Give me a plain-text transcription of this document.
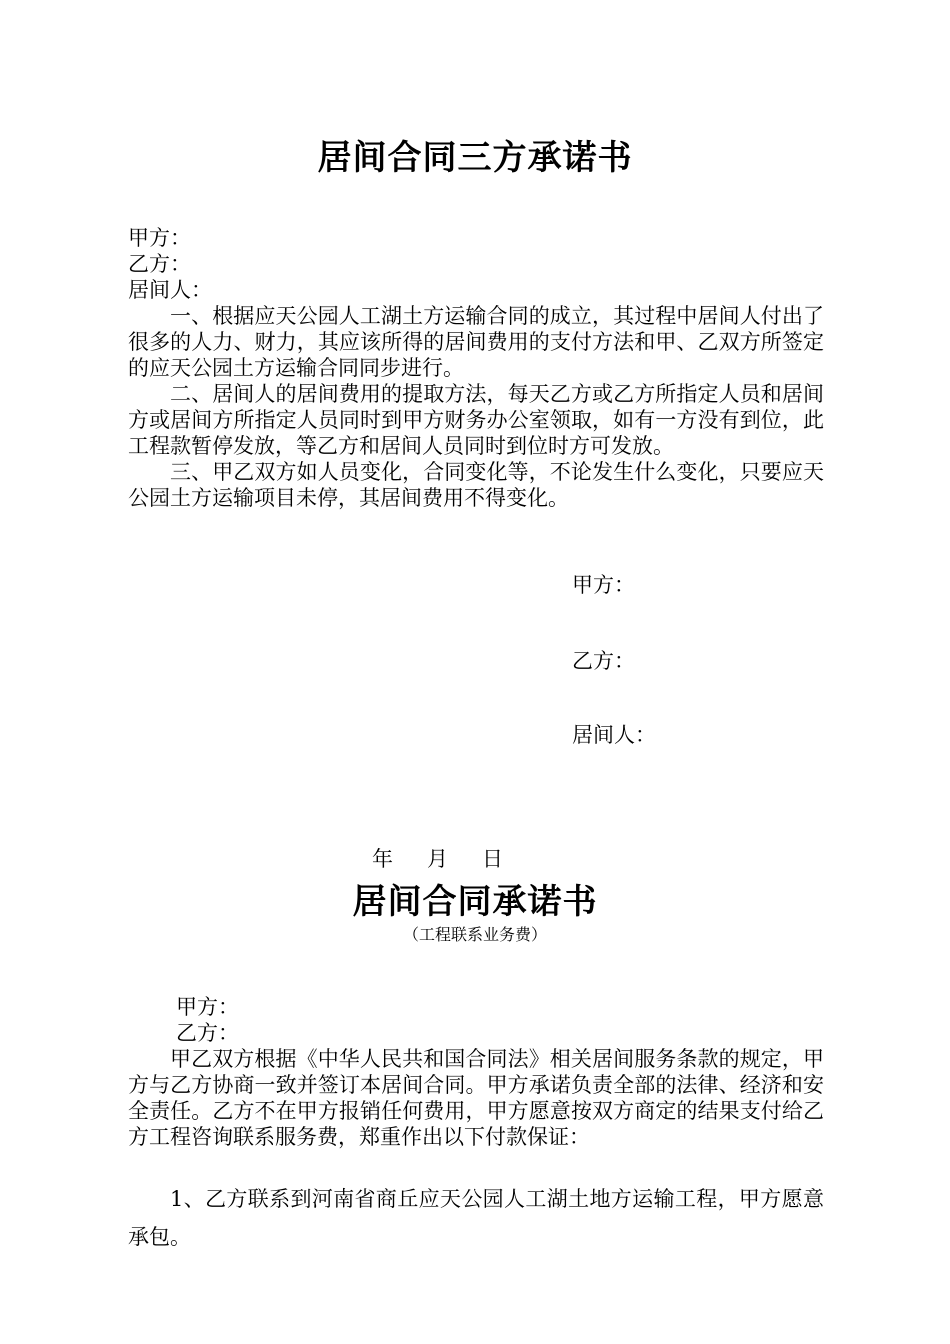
居间合同三方承诺书

甲方：

乙方：

居间人：

一、根据应天公园人工湖土方运输合同的成立，其过程中居间人付出了很多的人力、财力，其应该所得的居间费用的支付方法和甲、乙双方所签定的应天公园土方运输合同同步进行。

二、居间人的居间费用的提取方法，每天乙方或乙方所指定人员和居间方或居间方所指定人员同时到甲方财务办公室领取，如有一方没有到位，此工程款暂停发放，等乙方和居间人员同时到位时方可发放。

三、甲乙双方如人员变化，合同变化等，不论发生什么变化，只要应天公园土方运输项目未停，其居间费用不得变化。

甲方：
乙方：
居间人：
年 月 日
居间合同承诺书
（工程联系业务费）
甲方：
乙方：

甲乙双方根据《中华人民共和国合同法》相关居间服务条款的规定，甲方与乙方协商一致并签订本居间合同。甲方承诺负责全部的法律、经济和安全责任。乙方不在甲方报销任何费用，甲方愿意按双方商定的结果支付给乙方工程咨询联系服务费，郑重作出以下付款保证：

1、乙方联系到河南省商丘应天公园人工湖土地方运输工程，甲方愿意承包。
